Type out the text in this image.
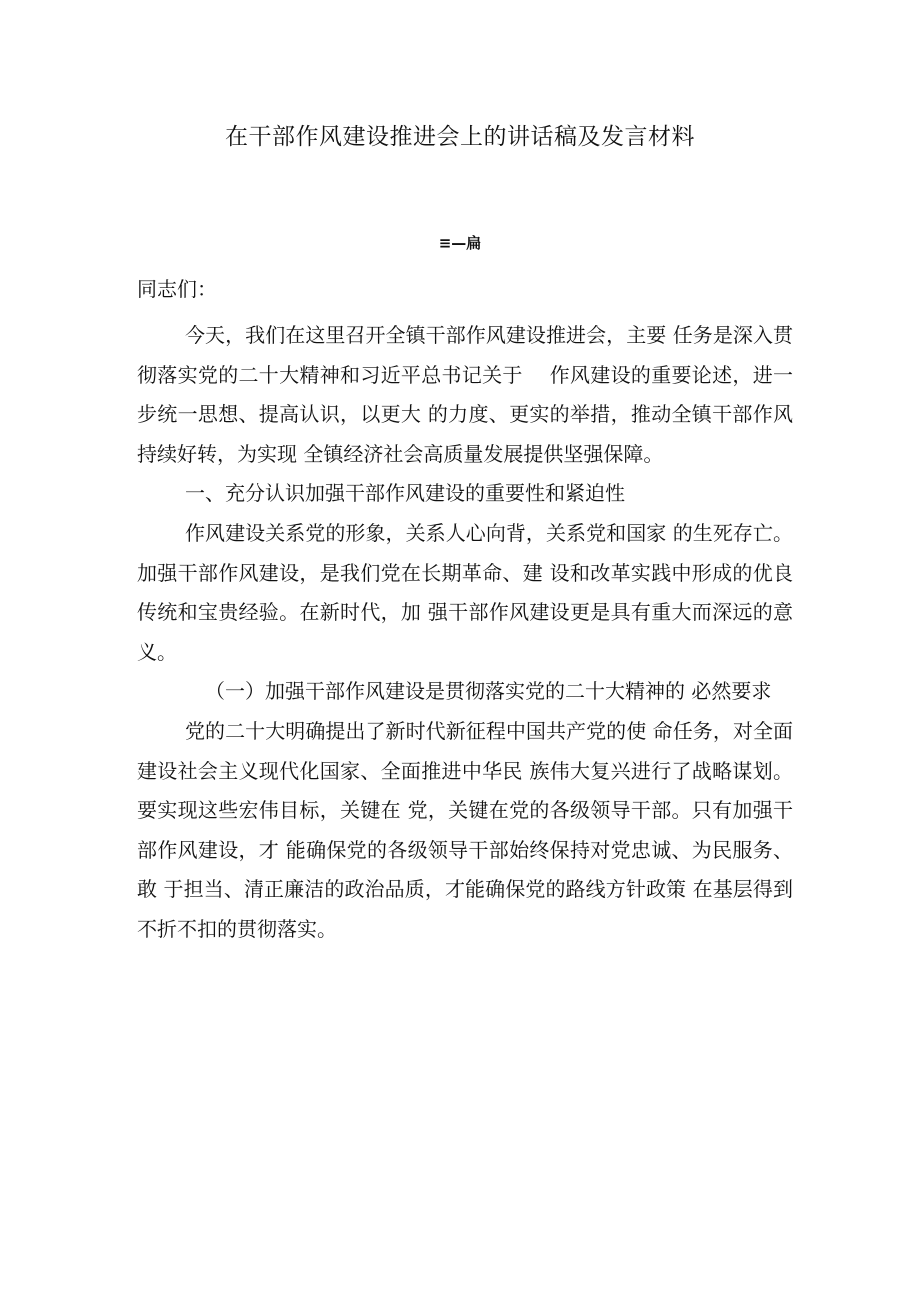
在干部作风建设推进会上的讲话稿及发言材料
≡—扁
同志们：

今天，我们在这里召开全镇干部作风建设推进会，主要 任务是深入贯彻落实党的二十大精神和习近平总书记关于　 作风建设的重要论述，进一步统一思想、提高认识，以更大 的力度、更实的举措，推动全镇干部作风持续好转，为实现 全镇经济社会高质量发展提供坚强保障。

一、充分认识加强干部作风建设的重要性和紧迫性

作风建设关系党的形象，关系人心向背，关系党和国家 的生死存亡。加强干部作风建设，是我们党在长期革命、建 设和改革实践中形成的优良传统和宝贵经验。在新时代，加 强干部作风建设更是具有重大而深远的意义。

（一）加强干部作风建设是贯彻落实党的二十大精神的 必然要求

党的二十大明确提出了新时代新征程中国共产党的使 命任务，对全面建设社会主义现代化国家、全面推进中华民 族伟大复兴进行了战略谋划。要实现这些宏伟目标，关键在 党，关键在党的各级领导干部。只有加强干部作风建设，才 能确保党的各级领导干部始终保持对党忠诚、为民服务、敢 于担当、清正廉洁的政治品质，才能确保党的路线方针政策 在基层得到不折不扣的贯彻落实。
